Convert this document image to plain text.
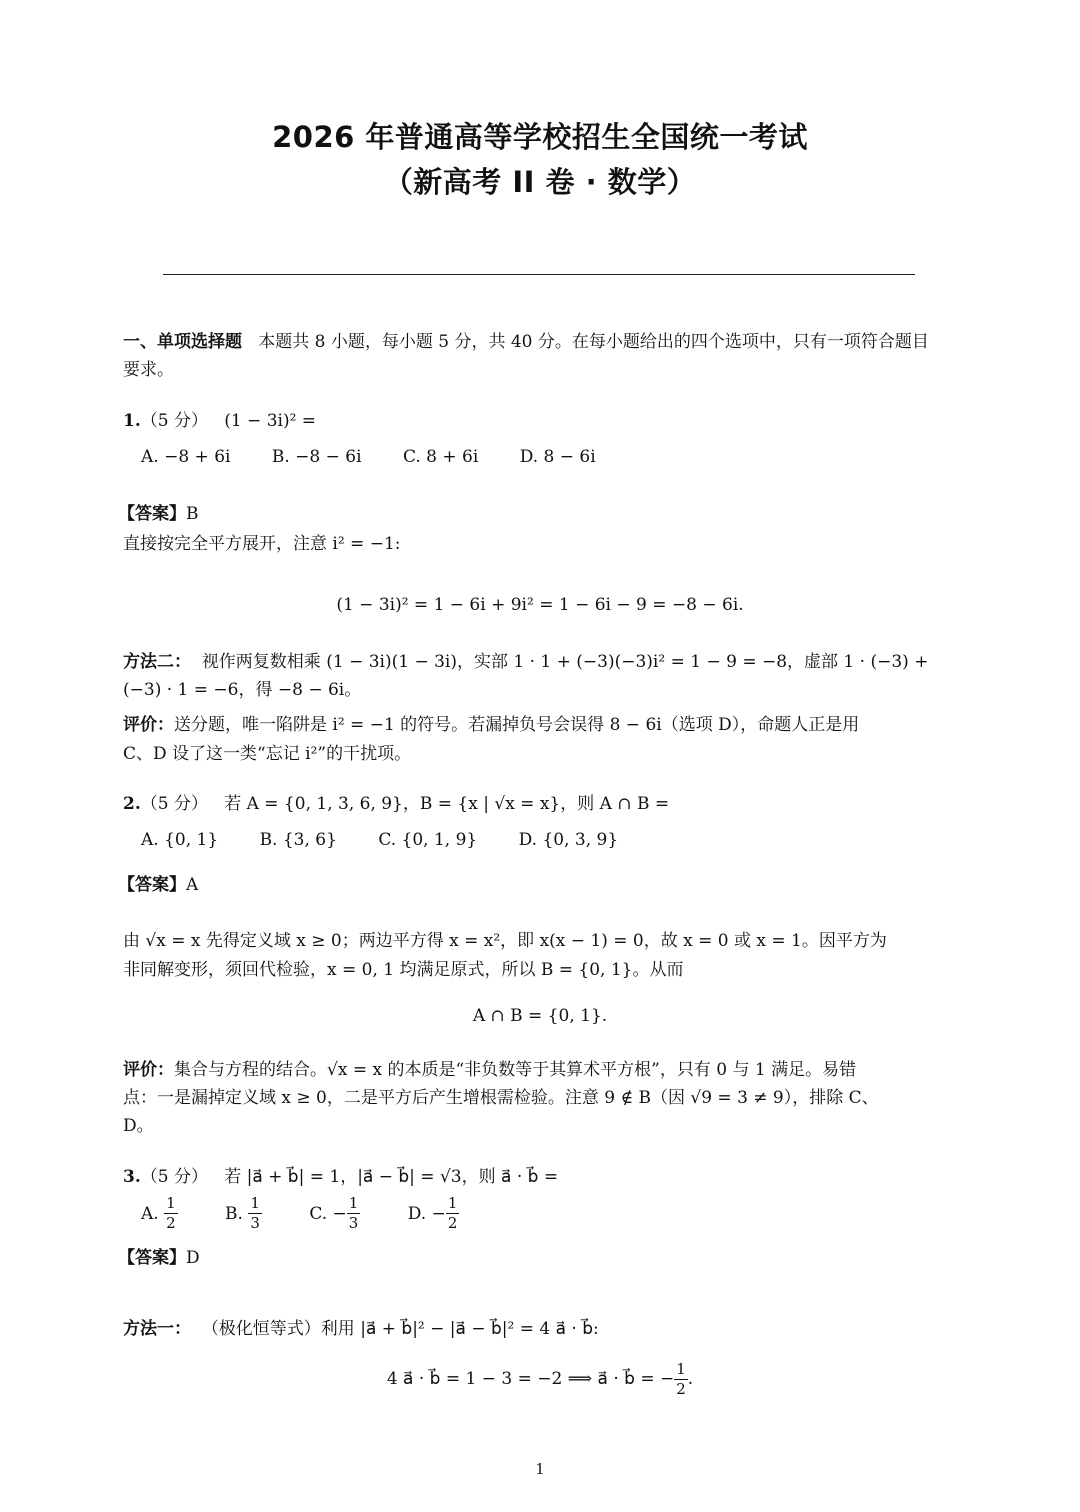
2026 年普通高等学校招生全国统一考试
（新高考 II 卷 · 数学）
一、单项选择题 本题共 8 小题，每小题 5 分，共 40 分。在每小题给出的四个选项中，只有一项符合题目
要求。
1.（5 分） (1 − 3i)² =
A. −8 + 6i B. −8 − 6i C. 8 + 6i D. 8 − 6i
【答案】B
直接按完全平方展开，注意 i² = −1:
(1 − 3i)² = 1 − 6i + 9i² = 1 − 6i − 9 = −8 − 6i.
方法二： 视作两复数相乘 (1 − 3i)(1 − 3i)，实部 1 · 1 + (−3)(−3)i² = 1 − 9 = −8，虚部 1 · (−3) +
(−3) · 1 = −6，得 −8 − 6i。
评价：送分题，唯一陷阱是 i² = −1 的符号。若漏掉负号会误得 8 − 6i（选项 D），命题人正是用
C、D 设了这一类“忘记 i²”的干扰项。
2.（5 分） 若 A = {0, 1, 3, 6, 9}，B = {x | √x = x}，则 A ∩ B =
A. {0, 1} B. {3, 6} C. {0, 1, 9} D. {0, 3, 9}
【答案】A
由 √x = x 先得定义域 x ≥ 0；两边平方得 x = x²，即 x(x − 1) = 0，故 x = 0 或 x = 1。因平方为
非同解变形，须回代检验，x = 0, 1 均满足原式，所以 B = {0, 1}。从而
A ∩ B = {0, 1}.
评价：集合与方程的结合。√x = x 的本质是“非负数等于其算术平方根”，只有 0 与 1 满足。易错
点：一是漏掉定义域 x ≥ 0，二是平方后产生增根需检验。注意 9 ∉ B（因 √9 = 3 ≠ 9），排除 C、
D。
3.（5 分） 若 |a⃗ + b⃗| = 1，|a⃗ − b⃗| = √3，则 a⃗ · b⃗ =
A.
$\frac{1}{2}$
	B.
$\frac{1}{3}$
	C.
− $\frac{1}{3}$
	D.
− $\frac{1}{2}$
【答案】D
方法一： （极化恒等式）利用 |a⃗ + b⃗|² − |a⃗ − b⃗|² = 4 a⃗ · b⃗:
4 a⃗ · b⃗ = 1 − 3 = −2 ⟹ a⃗ · b⃗ = − $\frac{1}{2}$ .
1
